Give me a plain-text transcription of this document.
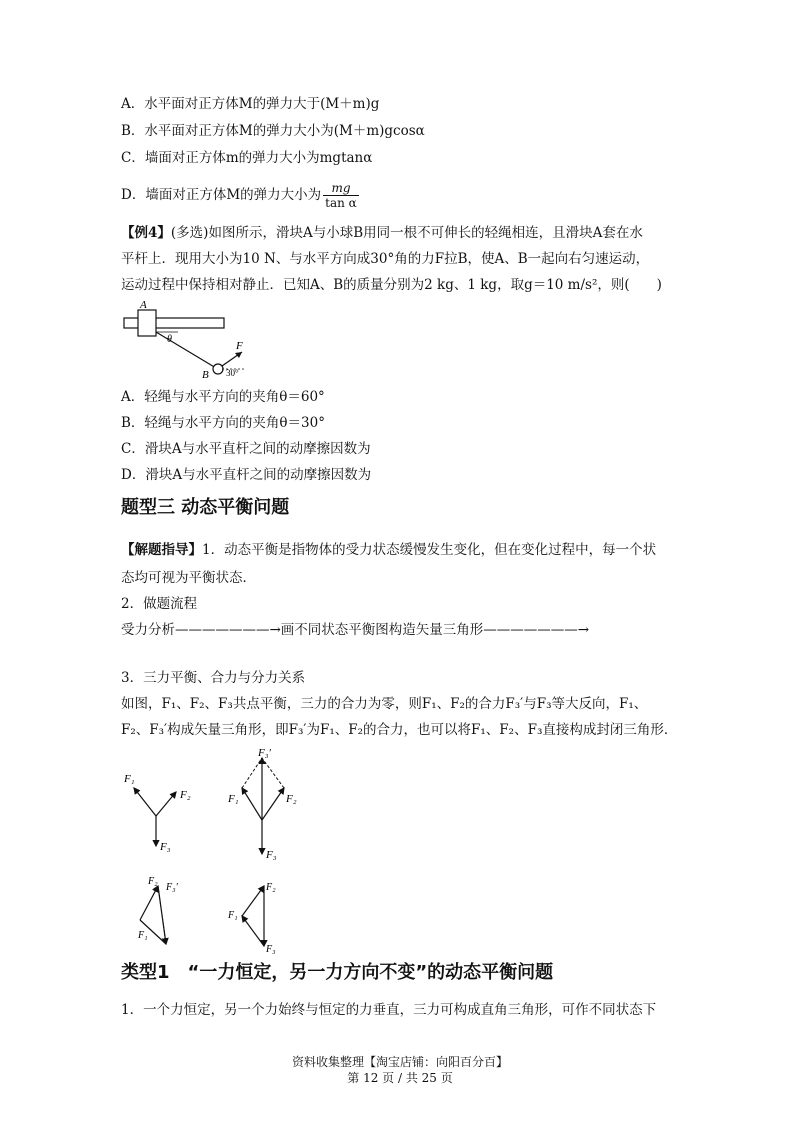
A．水平面对正方体M的弹力大于(M＋m)g
B．水平面对正方体M的弹力大小为(M＋m)gcosα
C．墙面对正方体m的弹力大小为mgtanα
D．墙面对正方体M的弹力大小为 $\frac{mg}{\text{tan α}}$
【例4】(多选)如图所示，滑块A与小球B用同一根不可伸长的轻绳相连，且滑块A套在水
平杆上．现用大小为10 N、与水平方向成30°角的力F拉B，使A、B一起向右匀速运动，
运动过程中保持相对静止．已知A、B的质量分别为2 kg、1 kg，取g＝10 m/s²，则(　　)
A
θ
B
F
30°
A．轻绳与水平方向的夹角θ＝60°
B．轻绳与水平方向的夹角θ＝30°
C．滑块A与水平直杆之间的动摩擦因数为
D．滑块A与水平直杆之间的动摩擦因数为
题型三 动态平衡问题
【解题指导】1．动态平衡是指物体的受力状态缓慢发生变化，但在变化过程中，每一个状
态均可视为平衡状态．
2．做题流程
受力分析———————→画不同状态平衡图构造矢量三角形———————→
3．三力平衡、合力与分力关系
如图，F₁、F₂、F₃共点平衡，三力的合力为零，则F₁、F₂的合力F₃′与F₃等大反向，F₁、
F₂、F₃′构成矢量三角形，即F₃′为F₁、F₂的合力，也可以将F₁、F₂、F₃直接构成封闭三角形．
F₁
F₂
F₃
F₃′
F₁	F₂
F₃
F₂
F₃′
F₁
F₂
F₁
F₃
类型1　“一力恒定，另一力方向不变”的动态平衡问题
1．一个力恒定，另一个力始终与恒定的力垂直，三力可构成直角三角形，可作不同状态下
资料收集整理【淘宝店铺：向阳百分百】
第 12 页 / 共 25 页
